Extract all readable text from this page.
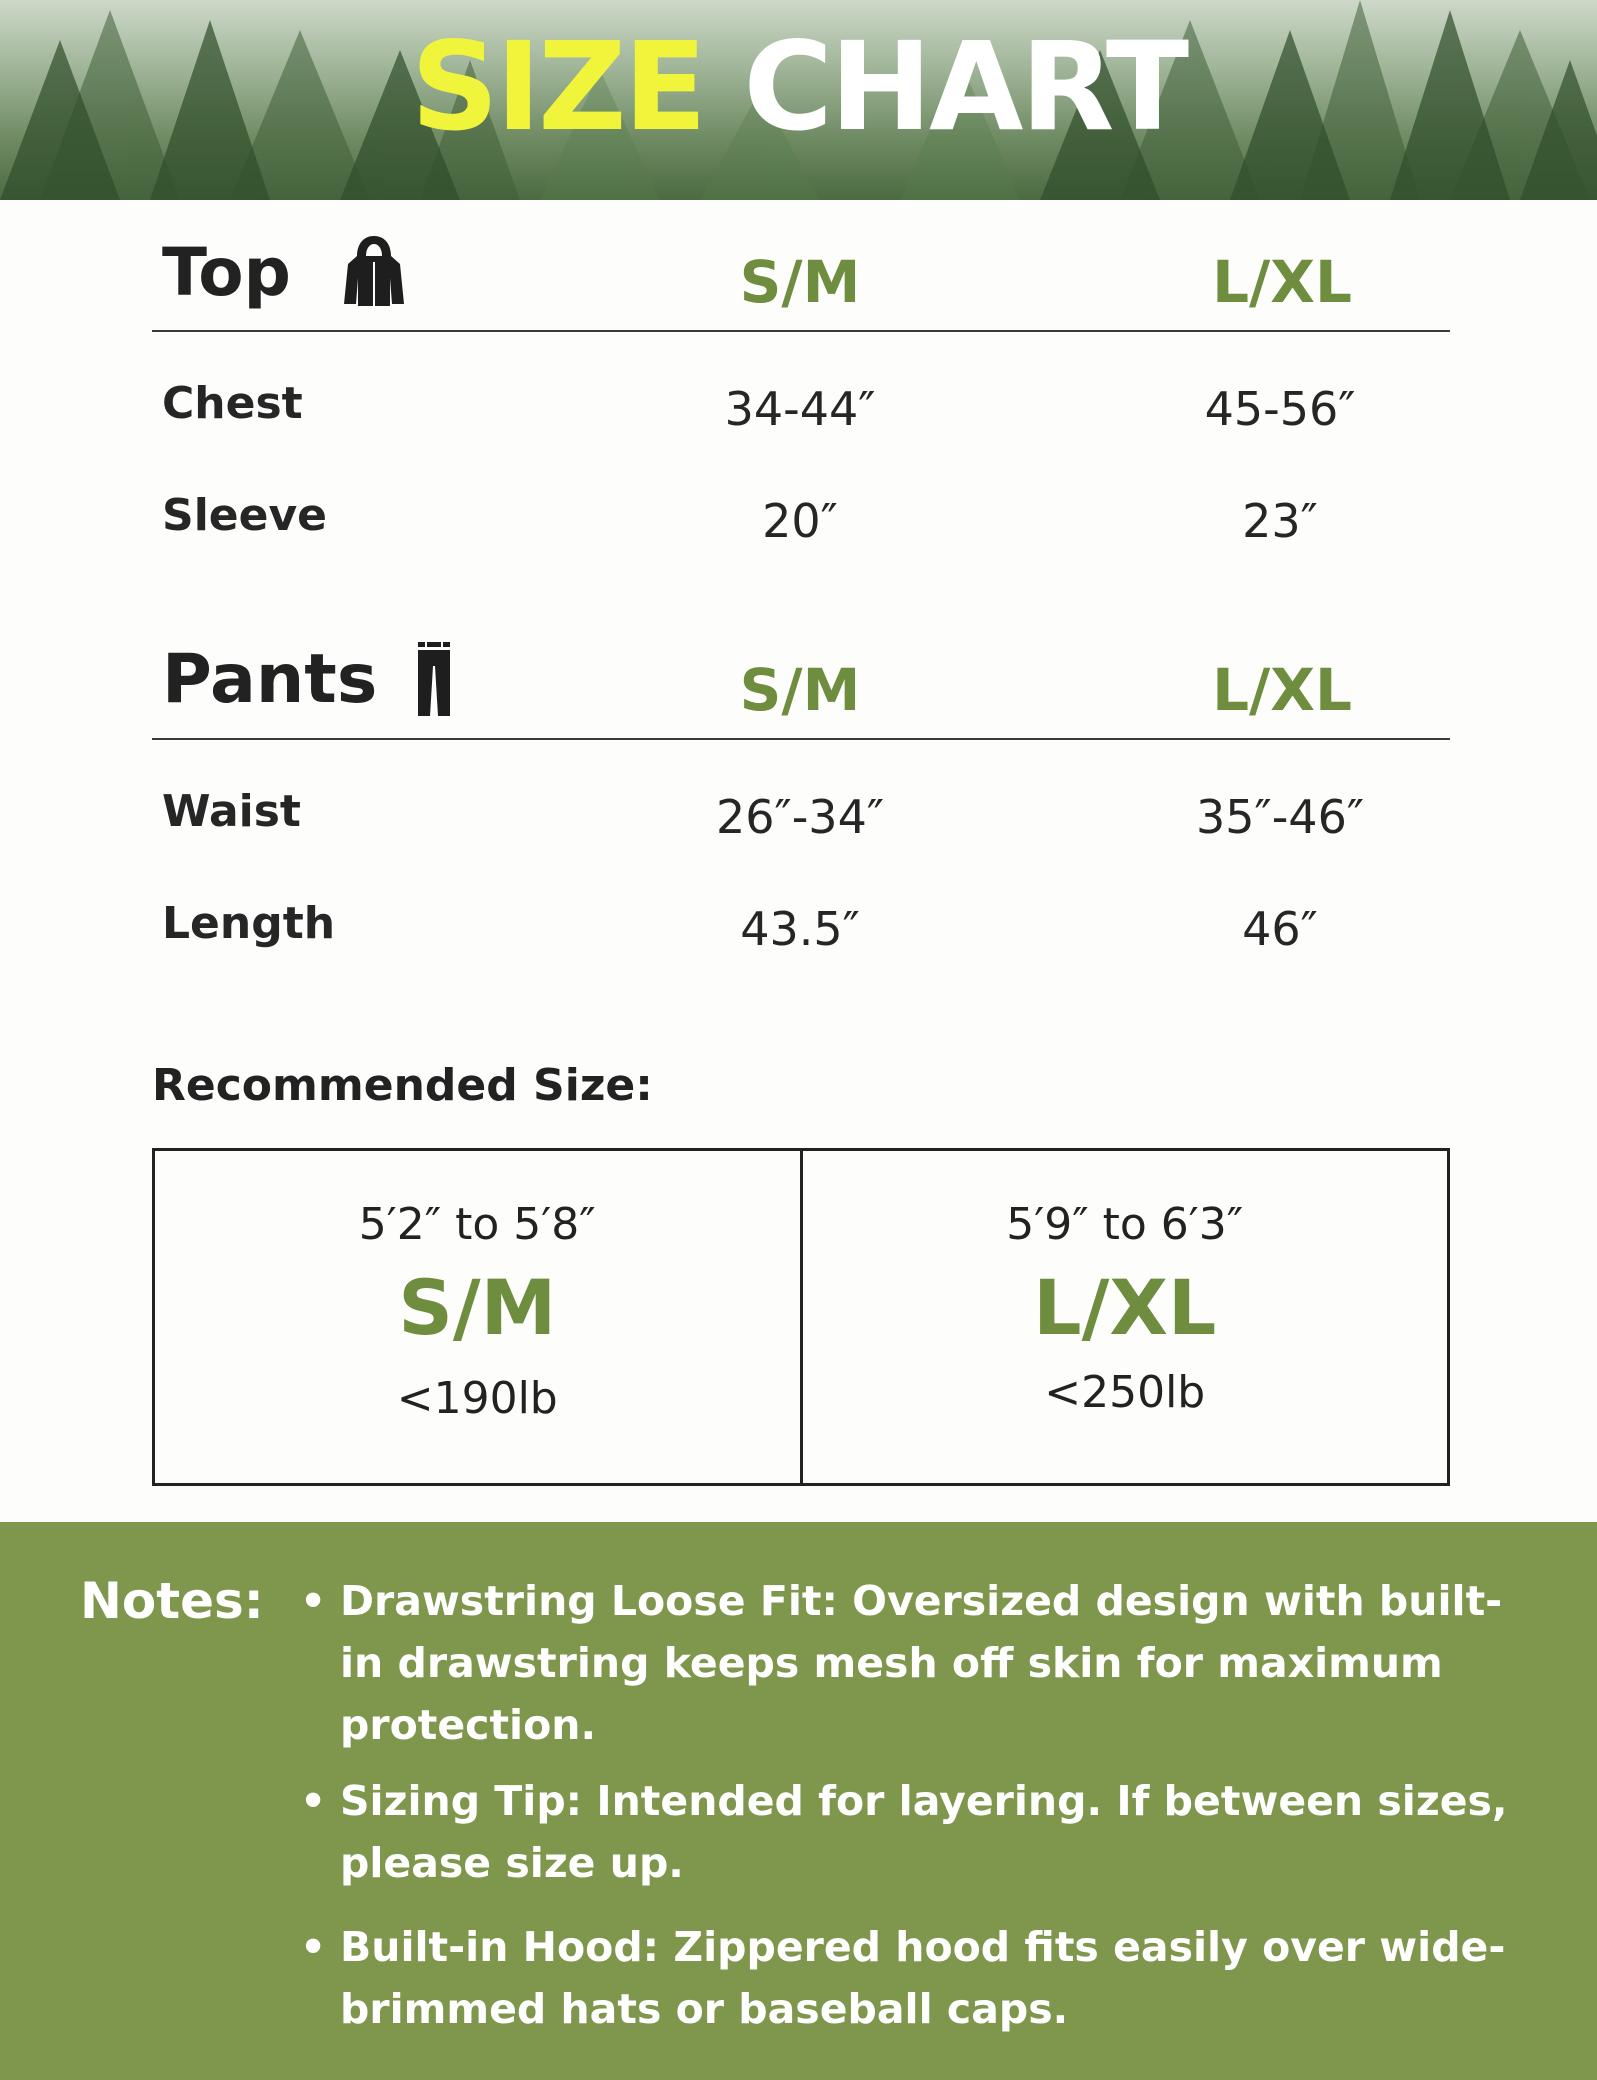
SIZE CHART
Top	S/M	L/XL
Chest	34-44″	45-56″
Sleeve	20″	23″
Pants	S/M	L/XL
Waist	26″-34″	35″-46″
Length	43.5″	46″
Recommended Size:
5′2″ to 5′8″
S/M
<190lb
5′9″ to 6′3″
L/XL
<250lb
Notes: • Drawstring Loose Fit: Oversized design with built-in drawstring keeps mesh off skin for maximum protection.
• Sizing Tip: Intended for layering. If between sizes, please size up.
• Built-in Hood: Zippered hood fits easily over wide-brimmed hats or baseball caps.
